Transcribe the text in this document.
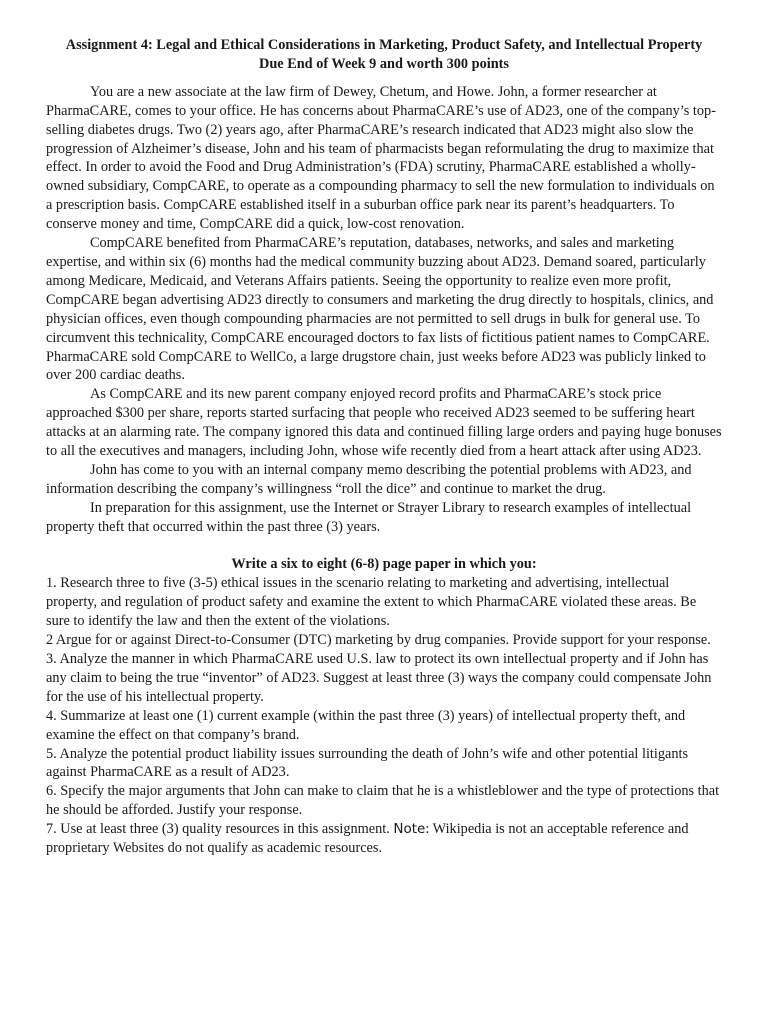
Assignment 4: Legal and Ethical Considerations in Marketing, Product Safety, and Intellectual Property

Due End of Week 9 and worth 300 points

You are a new associate at the law firm of Dewey, Chetum, and Howe. John, a former researcher at PharmaCARE, comes to your office. He has concerns about PharmaCARE’s use of AD23, one of the company’s top-selling diabetes drugs. Two (2) years ago, after PharmaCARE’s research indicated that AD23 might also slow the progression of Alzheimer’s disease, John and his team of pharmacists began reformulating the drug to maximize that effect. In order to avoid the Food and Drug Administration’s (FDA) scrutiny, PharmaCARE established a wholly-owned subsidiary, CompCARE, to operate as a compounding pharmacy to sell the new formulation to individuals on a prescription basis. CompCARE established itself in a suburban office park near its parent’s headquarters. To conserve money and time, CompCARE did a quick, low-cost renovation.

CompCARE benefited from PharmaCARE’s reputation, databases, networks, and sales and marketing expertise, and within six (6) months had the medical community buzzing about AD23. Demand soared, particularly among Medicare, Medicaid, and Veterans Affairs patients. Seeing the opportunity to realize even more profit, CompCARE began advertising AD23 directly to consumers and marketing the drug directly to hospitals, clinics, and physician offices, even though compounding pharmacies are not permitted to sell drugs in bulk for general use. To circumvent this technicality, CompCARE encouraged doctors to fax lists of fictitious patient names to CompCARE. PharmaCARE sold CompCARE to WellCo, a large drugstore chain, just weeks before AD23 was publicly linked to over 200 cardiac deaths.

As CompCARE and its new parent company enjoyed record profits and PharmaCARE’s stock price approached $300 per share, reports started surfacing that people who received AD23 seemed to be suffering heart attacks at an alarming rate. The company ignored this data and continued filling large orders and paying huge bonuses to all the executives and managers, including John, whose wife recently died from a heart attack after using AD23.

John has come to you with an internal company memo describing the potential problems with AD23, and information describing the company’s willingness “roll the dice” and continue to market the drug.

In preparation for this assignment, use the Internet or Strayer Library to research examples of intellectual property theft that occurred within the past three (3) years.

Write a six to eight (6-8) page paper in which you:

1. Research three to five (3-5) ethical issues in the scenario relating to marketing and advertising, intellectual property, and regulation of product safety and examine the extent to which PharmaCARE violated these areas. Be sure to identify the law and then the extent of the violations.

2 Argue for or against Direct-to-Consumer (DTC) marketing by drug companies. Provide support for your response.

3. Analyze the manner in which PharmaCARE used U.S. law to protect its own intellectual property and if John has any claim to being the true “inventor” of AD23. Suggest at least three (3) ways the company could compensate John for the use of his intellectual property.

4. Summarize at least one (1) current example (within the past three (3) years) of intellectual property theft, and examine the effect on that company’s brand.

5. Analyze the potential product liability issues surrounding the death of John’s wife and other potential litigants against PharmaCARE as a result of AD23.

6. Specify the major arguments that John can make to claim that he is a whistleblower and the type of protections that he should be afforded. Justify your response.

7. Use at least three (3) quality resources in this assignment. Note: Wikipedia is not an acceptable reference and proprietary Websites do not qualify as academic resources.
